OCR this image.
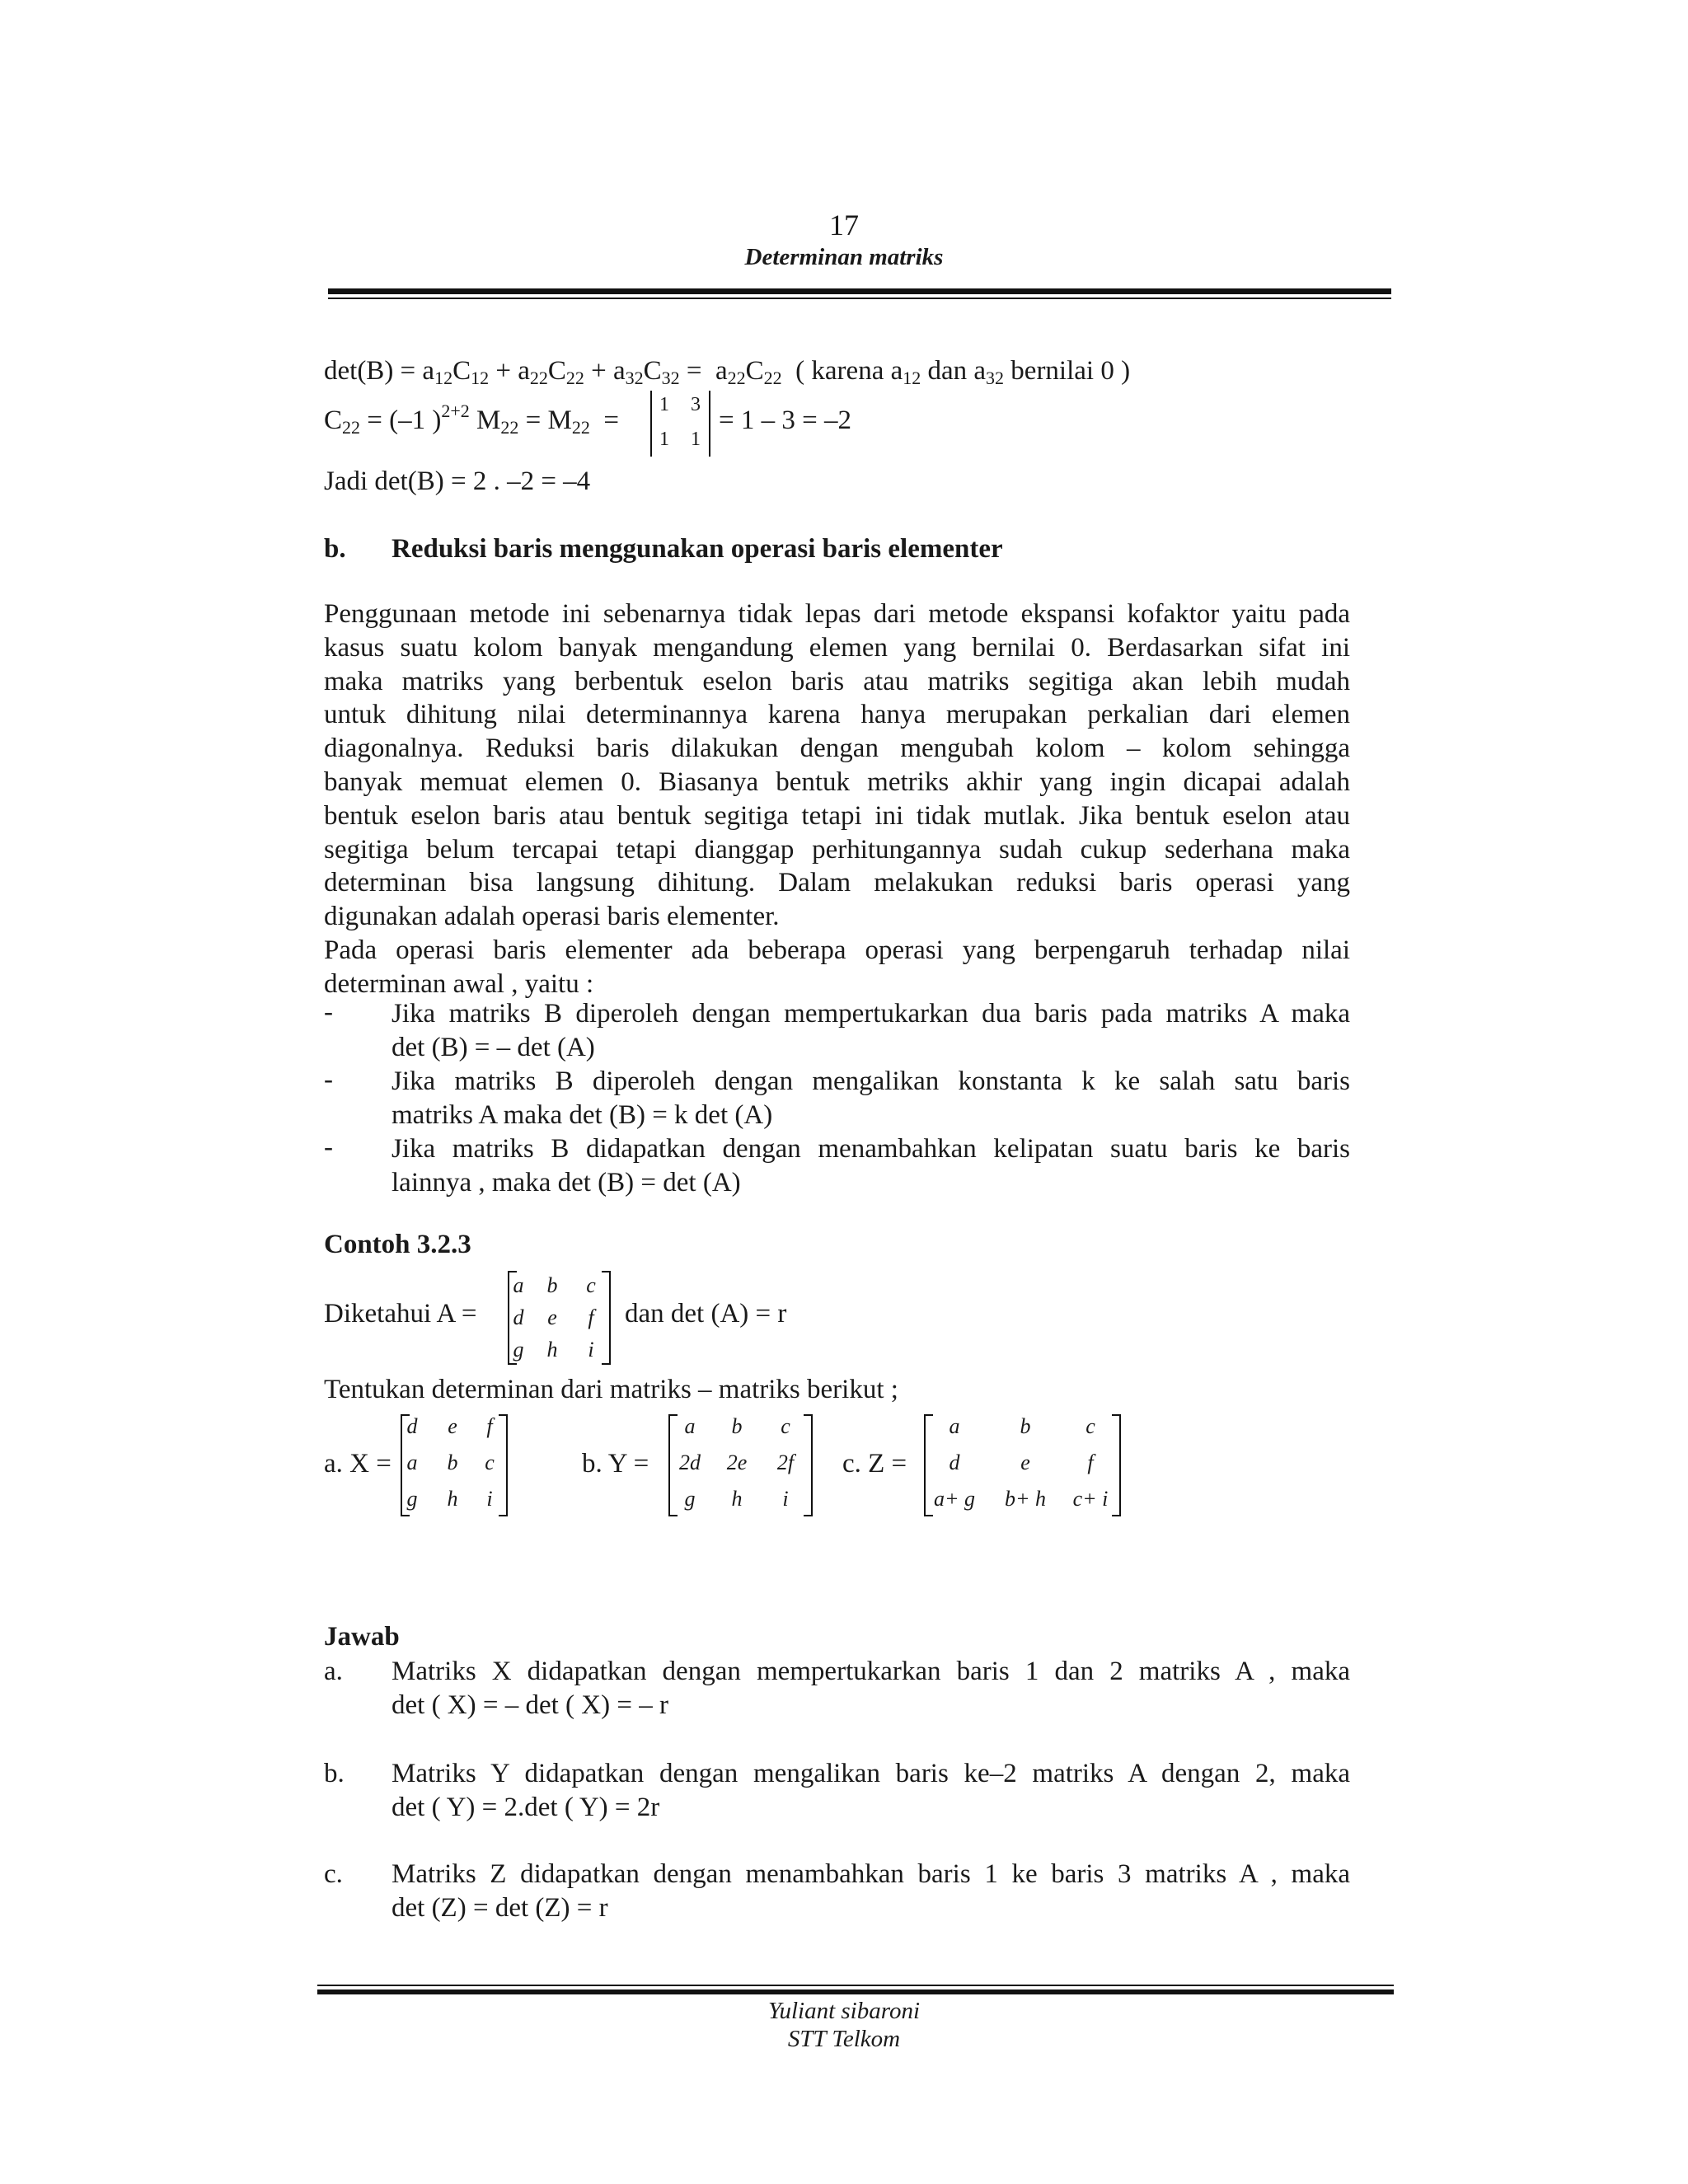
17
Determinan matriks
$\det(B) = a_{12}C_{12} + a_{22}C_{22} + a_{32}C_{32} = a_{22}C_{22}$ ( karena $a_{12}$ dan $a_{32}$ bernilai 0 )
$C_{22} = (-1$ )$^{2+2}$ $M_{22} = M_{22}$  =
1 3
1 1
= 1 – 3 = –2
Jadi det(B) = 2 . –2 = –4
b. Reduksi baris menggunakan operasi baris elementer
Penggunaan metode ini sebenarnya tidak lepas dari metode ekspansi kofaktor yaitu pada
kasus suatu kolom banyak mengandung elemen yang bernilai 0. Berdasarkan sifat ini
maka matriks yang berbentuk eselon baris atau matriks segitiga akan lebih mudah
untuk dihitung nilai determinannya karena hanya merupakan perkalian dari elemen
diagonalnya. Reduksi baris dilakukan dengan mengubah kolom – kolom sehingga
banyak memuat elemen 0. Biasanya bentuk metriks akhir yang ingin dicapai adalah
bentuk eselon baris atau bentuk segitiga tetapi ini tidak mutlak. Jika bentuk eselon atau
segitiga belum tercapai tetapi dianggap perhitungannya sudah cukup sederhana maka
determinan bisa langsung dihitung. Dalam melakukan reduksi baris operasi yang
digunakan adalah operasi baris elementer.
Pada operasi baris elementer ada beberapa operasi yang berpengaruh terhadap nilai
determinan awal , yaitu :
- Jika matriks B diperoleh dengan mempertukarkan dua baris pada matriks A maka
det (B) = – det (A)
- Jika matriks B diperoleh dengan mengalikan konstanta k ke salah satu baris
matriks A maka det (B) = k det (A)
- Jika matriks B didapatkan dengan menambahkan kelipatan suatu baris ke baris
lainnya , maka det (B) = det (A)
Contoh 3.2.3
Diketahui A =
a	b	c
d	e	f
g	h	i
dan det (A) = r
Tentukan determinan dari matriks – matriks berikut ;
a. X =
d	e	f
a	b	c
g	h	i
b. Y =
a	b	c
2d	2e	2f
g	h	i
c. Z =
a	b	c
d	e	f
a+ g	b+ h	c+ i
Jawab
a. Matriks X didapatkan dengan mempertukarkan baris 1 dan 2 matriks A , maka
det ( X) = – det ( X) = – r
b. Matriks Y didapatkan dengan mengalikan baris ke–2 matriks A dengan 2, maka
det ( Y) = 2.det ( Y) = 2r
c. Matriks Z didapatkan dengan menambahkan baris 1 ke baris 3 matriks A , maka
det (Z) = det (Z) = r
Yuliant sibaroni
STT Telkom
